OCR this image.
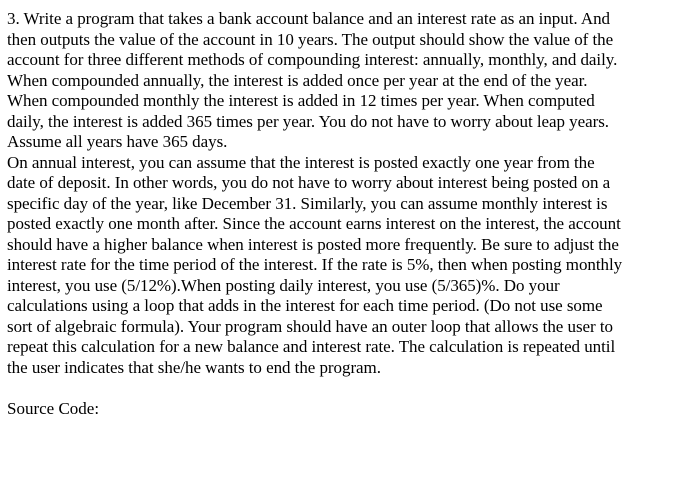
3. Write a program that takes a bank account balance and an interest rate as an input. And
then outputs the value of the account in 10 years. The output should show the value of the
account for three different methods of compounding interest: annually, monthly, and daily.
When compounded annually, the interest is added once per year at the end of the year.
When compounded monthly the interest is added in 12 times per year. When computed
daily, the interest is added 365 times per year. You do not have to worry about leap years.
Assume all years have 365 days.
On annual interest, you can assume that the interest is posted exactly one year from the
date of deposit. In other words, you do not have to worry about interest being posted on a
specific day of the year, like December 31. Similarly, you can assume monthly interest is
posted exactly one month after. Since the account earns interest on the interest, the account
should have a higher balance when interest is posted more frequently. Be sure to adjust the
interest rate for the time period of the interest. If the rate is 5%, then when posting monthly
interest, you use (5/12%).When posting daily interest, you use (5/365)%. Do your
calculations using a loop that adds in the interest for each time period. (Do not use some
sort of algebraic formula). Your program should have an outer loop that allows the user to
repeat this calculation for a new balance and interest rate. The calculation is repeated until
the user indicates that she/he wants to end the program.
Source Code:
